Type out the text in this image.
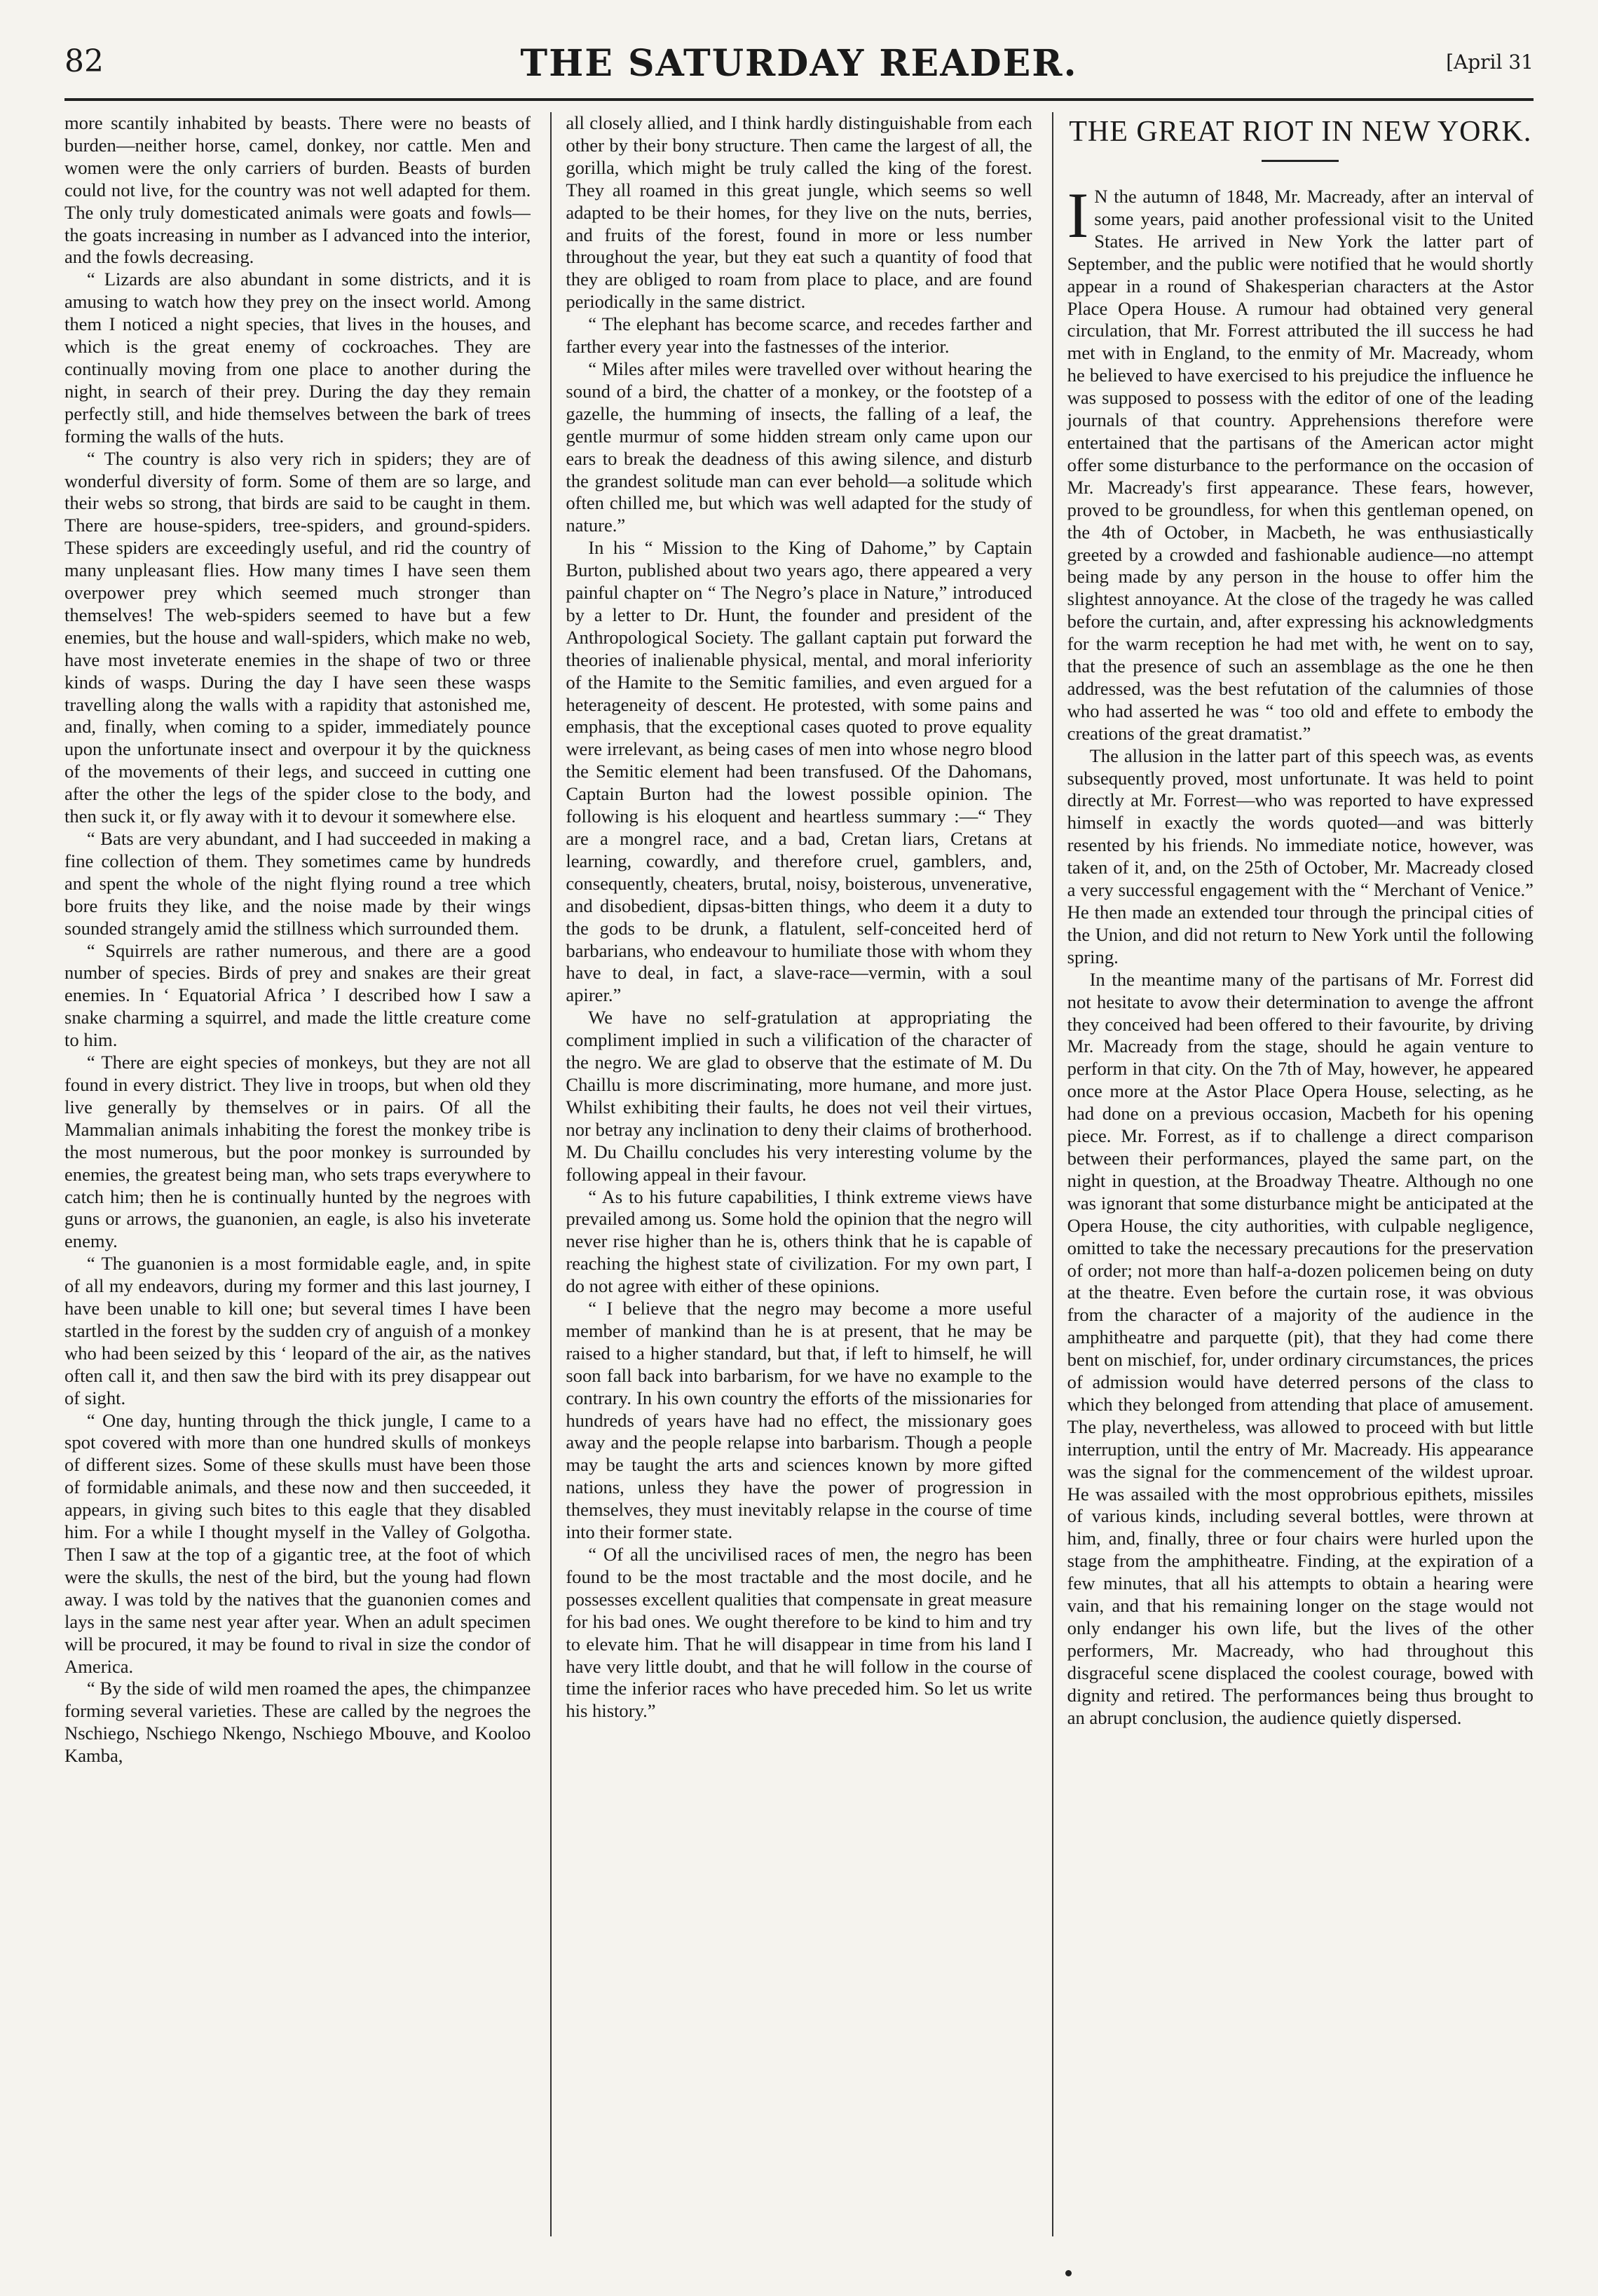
82	THE SATURDAY READER.	[April 31

more scantily inhabited by beasts. There were no beasts of burden—neither horse, camel, donkey, nor cattle. Men and women were the only carriers of burden. Beasts of burden could not live, for the country was not well adapted for them. The only truly domesticated animals were goats and fowls—the goats increasing in number as I advanced into the interior, and the fowls decreasing.

“ Lizards are also abundant in some districts, and it is amusing to watch how they prey on the insect world. Among them I noticed a night species, that lives in the houses, and which is the great enemy of cockroaches. They are continually moving from one place to another during the night, in search of their prey. During the day they remain perfectly still, and hide themselves between the bark of trees forming the walls of the huts.

“ The country is also very rich in spiders; they are of wonderful diversity of form. Some of them are so large, and their webs so strong, that birds are said to be caught in them. There are house-spiders, tree-spiders, and ground-spiders. These spiders are exceedingly useful, and rid the country of many unpleasant flies. How many times I have seen them overpower prey which seemed much stronger than themselves! The web-spiders seemed to have but a few enemies, but the house and wall-spiders, which make no web, have most inveterate enemies in the shape of two or three kinds of wasps. During the day I have seen these wasps travelling along the walls with a rapidity that astonished me, and, finally, when coming to a spider, immediately pounce upon the unfortunate insect and overpour it by the quickness of the movements of their legs, and succeed in cutting one after the other the legs of the spider close to the body, and then suck it, or fly away with it to devour it somewhere else.

“ Bats are very abundant, and I had succeeded in making a fine collection of them. They sometimes came by hundreds and spent the whole of the night flying round a tree which bore fruits they like, and the noise made by their wings sounded strangely amid the stillness which surrounded them.

“ Squirrels are rather numerous, and there are a good number of species. Birds of prey and snakes are their great enemies. In ‘ Equatorial Africa ’ I described how I saw a snake charming a squirrel, and made the little creature come to him.

“ There are eight species of monkeys, but they are not all found in every district. They live in troops, but when old they live generally by themselves or in pairs. Of all the Mammalian animals inhabiting the forest the monkey tribe is the most numerous, but the poor monkey is surrounded by enemies, the greatest being man, who sets traps everywhere to catch him; then he is continually hunted by the negroes with guns or arrows, the guanonien, an eagle, is also his inveterate enemy.

“ The guanonien is a most formidable eagle, and, in spite of all my endeavors, during my former and this last journey, I have been unable to kill one; but several times I have been startled in the forest by the sudden cry of anguish of a monkey who had been seized by this ‘ leopard of the air, as the natives often call it, and then saw the bird with its prey disappear out of sight.

“ One day, hunting through the thick jungle, I came to a spot covered with more than one hundred skulls of monkeys of different sizes. Some of these skulls must have been those of formidable animals, and these now and then succeeded, it appears, in giving such bites to this eagle that they disabled him. For a while I thought myself in the Valley of Golgotha. Then I saw at the top of a gigantic tree, at the foot of which were the skulls, the nest of the bird, but the young had flown away. I was told by the natives that the guanonien comes and lays in the same nest year after year. When an adult specimen will be procured, it may be found to rival in size the condor of America.

“ By the side of wild men roamed the apes, the chimpanzee forming several varieties. These are called by the negroes the Nschiego, Nschiego Nkengo, Nschiego Mbouve, and Kooloo Kamba,

all closely allied, and I think hardly distinguishable from each other by their bony structure. Then came the largest of all, the gorilla, which might be truly called the king of the forest. They all roamed in this great jungle, which seems so well adapted to be their homes, for they live on the nuts, berries, and fruits of the forest, found in more or less number throughout the year, but they eat such a quantity of food that they are obliged to roam from place to place, and are found periodically in the same district.

“ The elephant has become scarce, and recedes farther and farther every year into the fastnesses of the interior.

“ Miles after miles were travelled over without hearing the sound of a bird, the chatter of a monkey, or the footstep of a gazelle, the humming of insects, the falling of a leaf, the gentle murmur of some hidden stream only came upon our ears to break the deadness of this awing silence, and disturb the grandest solitude man can ever behold—a solitude which often chilled me, but which was well adapted for the study of nature.”

In his “ Mission to the King of Dahome,” by Captain Burton, published about two years ago, there appeared a very painful chapter on “ The Negro’s place in Nature,” introduced by a letter to Dr. Hunt, the founder and president of the Anthropological Society. The gallant captain put forward the theories of inalienable physical, mental, and moral inferiority of the Hamite to the Semitic families, and even argued for a heterageneity of descent. He protested, with some pains and emphasis, that the exceptional cases quoted to prove equality were irrelevant, as being cases of men into whose negro blood the Semitic element had been transfused. Of the Dahomans, Captain Burton had the lowest possible opinion. The following is his eloquent and heartless summary :—“ They are a mongrel race, and a bad, Cretan liars, Cretans at learning, cowardly, and therefore cruel, gamblers, and, consequently, cheaters, brutal, noisy, boisterous, unvenerative, and disobedient, dipsas-bitten things, who deem it a duty to the gods to be drunk, a flatulent, self-conceited herd of barbarians, who endeavour to humiliate those with whom they have to deal, in fact, a slave-race—vermin, with a soul apirer.”

We have no self-gratulation at appropriating the compliment implied in such a vilification of the character of the negro. We are glad to observe that the estimate of M. Du Chaillu is more discriminating, more humane, and more just. Whilst exhibiting their faults, he does not veil their virtues, nor betray any inclination to deny their claims of brotherhood. M. Du Chaillu concludes his very interesting volume by the following appeal in their favour.

“ As to his future capabilities, I think extreme views have prevailed among us. Some hold the opinion that the negro will never rise higher than he is, others think that he is capable of reaching the highest state of civilization. For my own part, I do not agree with either of these opinions.

“ I believe that the negro may become a more useful member of mankind than he is at present, that he may be raised to a higher standard, but that, if left to himself, he will soon fall back into barbarism, for we have no example to the contrary. In his own country the efforts of the missionaries for hundreds of years have had no effect, the missionary goes away and the people relapse into barbarism. Though a people may be taught the arts and sciences known by more gifted nations, unless they have the power of progression in themselves, they must inevitably relapse in the course of time into their former state.

“ Of all the uncivilised races of men, the negro has been found to be the most tractable and the most docile, and he possesses excellent qualities that compensate in great measure for his bad ones. We ought therefore to be kind to him and try to elevate him. That he will disappear in time from his land I have very little doubt, and that he will follow in the course of time the inferior races who have preceded him. So let us write his history.”

THE GREAT RIOT IN NEW YORK.

I N the autumn of 1848, Mr. Macready, after an interval of some years, paid another professional visit to the United States. He arrived in New York the latter part of September, and the public were notified that he would shortly appear in a round of Shakesperian characters at the Astor Place Opera House. A rumour had obtained very general circulation, that Mr. Forrest attributed the ill success he had met with in England, to the enmity of Mr. Macready, whom he believed to have exercised to his prejudice the influence he was supposed to possess with the editor of one of the leading journals of that country. Apprehensions therefore were entertained that the partisans of the American actor might offer some disturbance to the performance on the occasion of Mr. Macready's first appearance. These fears, however, proved to be groundless, for when this gentleman opened, on the 4th of October, in Macbeth, he was enthusiastically greeted by a crowded and fashionable audience—no attempt being made by any person in the house to offer him the slightest annoyance. At the close of the tragedy he was called before the curtain, and, after expressing his acknowledgments for the warm reception he had met with, he went on to say, that the presence of such an assemblage as the one he then addressed, was the best refutation of the calumnies of those who had asserted he was “ too old and effete to embody the creations of the great dramatist.”

The allusion in the latter part of this speech was, as events subsequently proved, most unfortunate. It was held to point directly at Mr. Forrest—who was reported to have expressed himself in exactly the words quoted—and was bitterly resented by his friends. No immediate notice, however, was taken of it, and, on the 25th of October, Mr. Macready closed a very successful engagement with the “ Merchant of Venice.” He then made an extended tour through the principal cities of the Union, and did not return to New York until the following spring.

In the meantime many of the partisans of Mr. Forrest did not hesitate to avow their determination to avenge the affront they conceived had been offered to their favourite, by driving Mr. Macready from the stage, should he again venture to perform in that city. On the 7th of May, however, he appeared once more at the Astor Place Opera House, selecting, as he had done on a previous occasion, Macbeth for his opening piece. Mr. Forrest, as if to challenge a direct comparison between their performances, played the same part, on the night in question, at the Broadway Theatre. Although no one was ignorant that some disturbance might be anticipated at the Opera House, the city authorities, with culpable negligence, omitted to take the necessary precautions for the preservation of order; not more than half-a-dozen policemen being on duty at the theatre. Even before the curtain rose, it was obvious from the character of a majority of the audience in the amphitheatre and parquette (pit), that they had come there bent on mischief, for, under ordinary circumstances, the prices of admission would have deterred persons of the class to which they belonged from attending that place of amusement. The play, nevertheless, was allowed to proceed with but little interruption, until the entry of Mr. Macready. His appearance was the signal for the commencement of the wildest uproar. He was assailed with the most opprobrious epithets, missiles of various kinds, including several bottles, were thrown at him, and, finally, three or four chairs were hurled upon the stage from the amphitheatre. Finding, at the expiration of a few minutes, that all his attempts to obtain a hearing were vain, and that his remaining longer on the stage would not only endanger his own life, but the lives of the other performers, Mr. Macready, who had throughout this disgraceful scene displaced the coolest courage, bowed with dignity and retired. The performances being thus brought to an abrupt conclusion, the audience quietly dispersed.
